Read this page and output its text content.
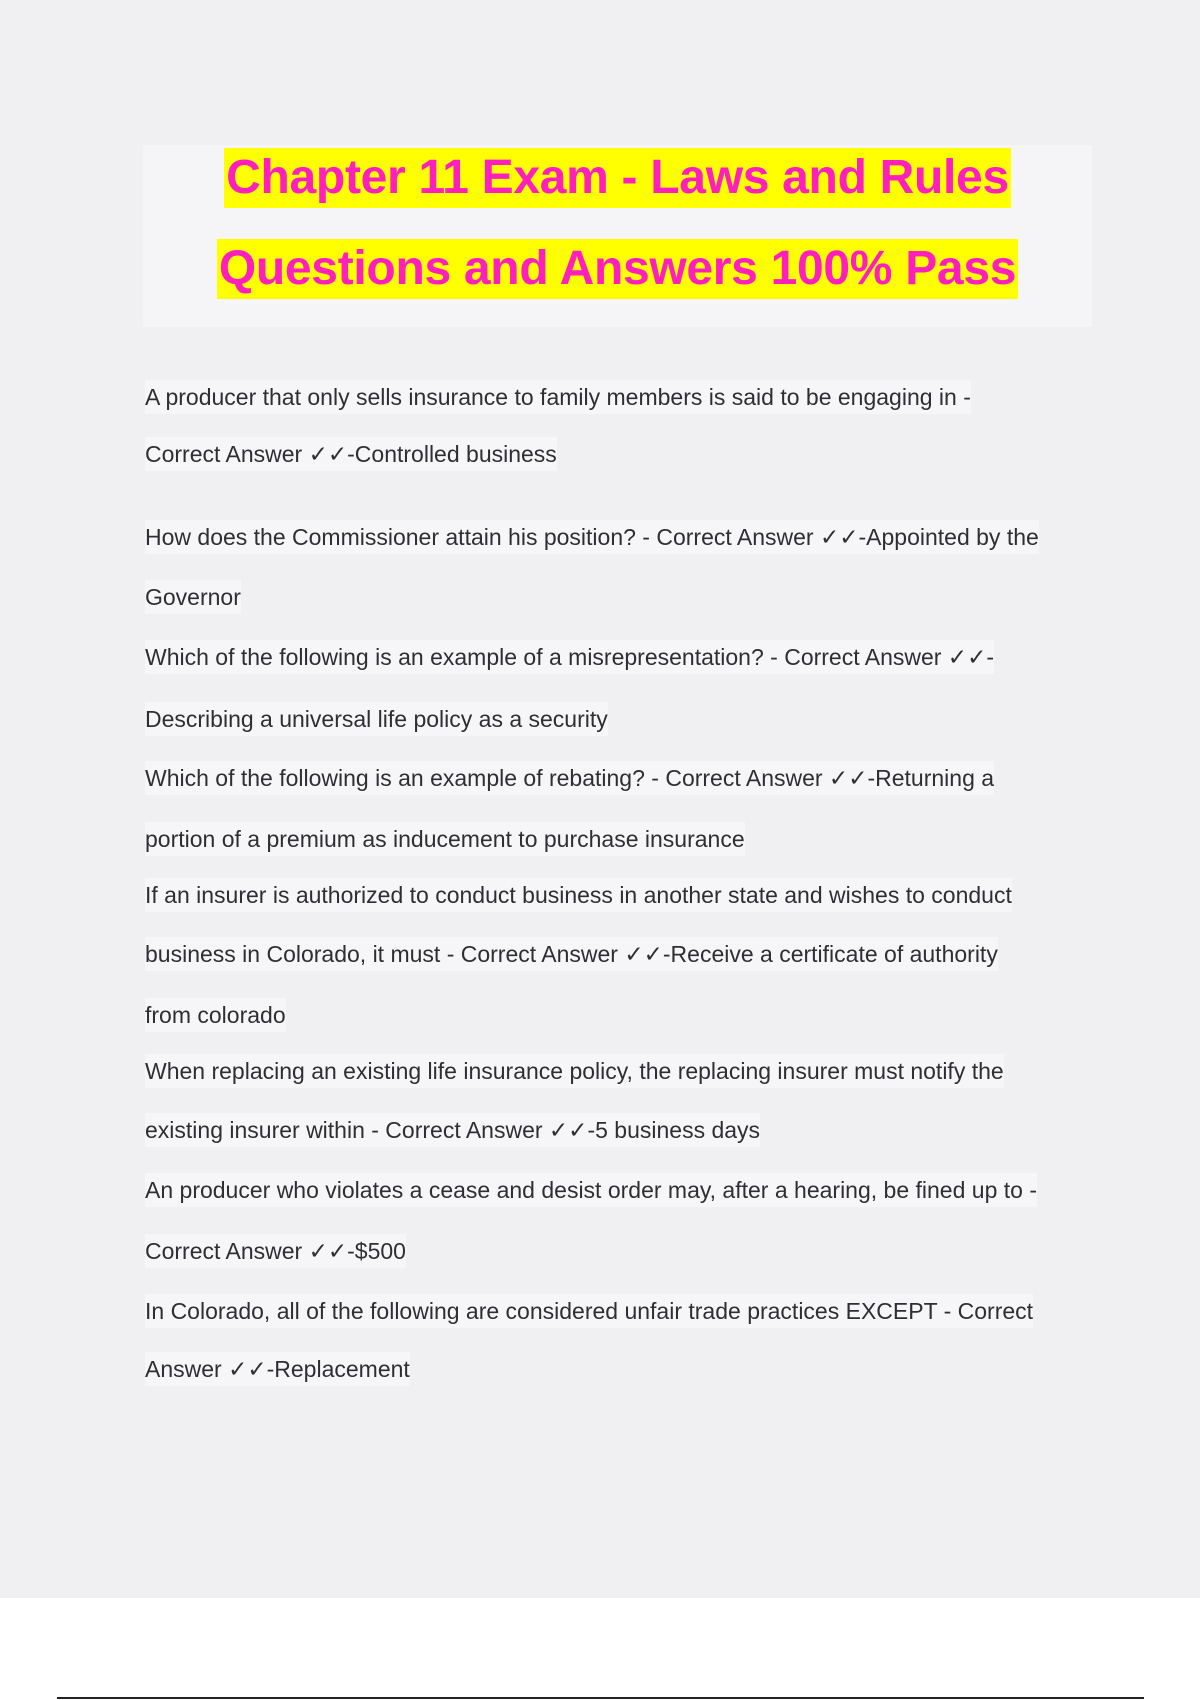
Chapter 11 Exam - Laws and Rules
Questions and Answers 100% Pass
A producer that only sells insurance to family members is said to be engaging in -
Correct Answer ✓✓-Controlled business
How does the Commissioner attain his position? - Correct Answer ✓✓-Appointed by the
Governor
Which of the following is an example of a misrepresentation? - Correct Answer ✓✓-
Describing a universal life policy as a security
Which of the following is an example of rebating? - Correct Answer ✓✓-Returning a
portion of a premium as inducement to purchase insurance
If an insurer is authorized to conduct business in another state and wishes to conduct
business in Colorado, it must - Correct Answer ✓✓-Receive a certificate of authority
from colorado
When replacing an existing life insurance policy, the replacing insurer must notify the
existing insurer within - Correct Answer ✓✓-5 business days
An producer who violates a cease and desist order may, after a hearing, be fined up to -
Correct Answer ✓✓-$500
In Colorado, all of the following are considered unfair trade practices EXCEPT - Correct
Answer ✓✓-Replacement
